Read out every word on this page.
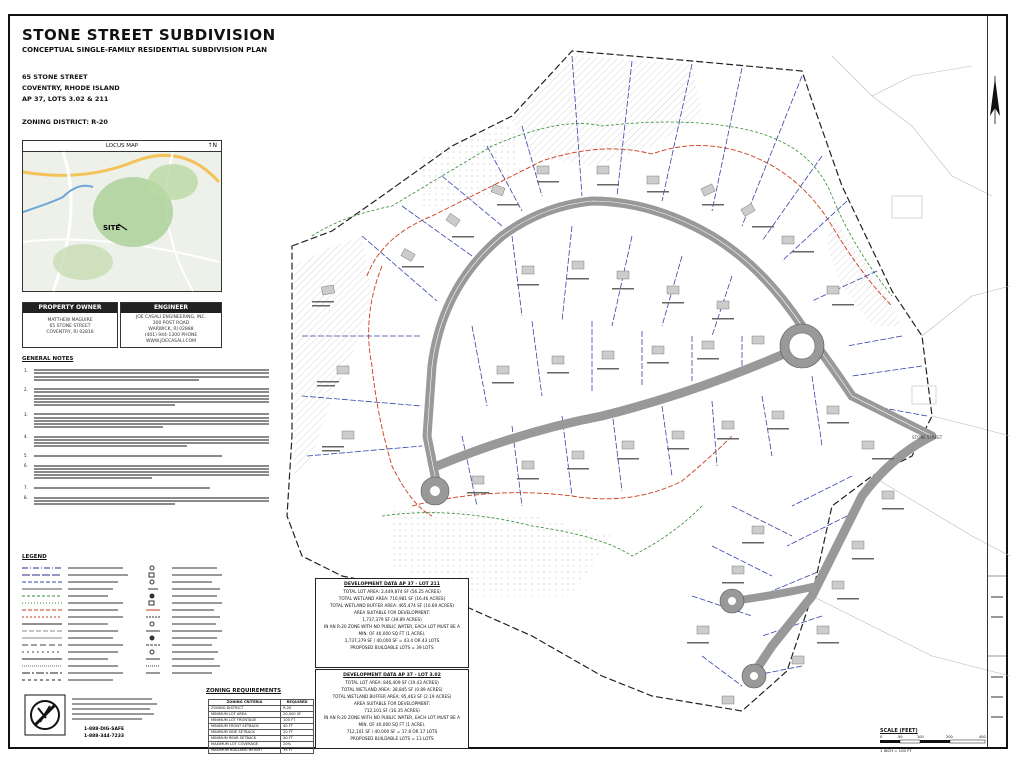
STONE STREET SUBDIVISION
CONCEPTUAL SINGLE-FAMILY RESIDENTIAL SUBDIVISION PLAN
65 STONE STREET
COVENTRY, RHODE ISLAND
AP 37, LOTS 3.02 & 211
ZONING DISTRICT: R-20
LOCUS MAP	↑N
SITE
PROPERTY OWNER
MATTHEW MAGUIRE
65 STONE STREET
COVENTRY, RI 02816
ENGINEER
JOE CASALI ENGINEERING, INC.
300 POST ROAD
WARWICK, RI 02888
(401) 944-1300 PHONE
WWW.JOECASALI.COM
GENERAL NOTES
1.
2.
3.
4.
5.
6.
7.
8.
LEGEND
1-888-DIG-SAFE
1-888-344-7233
ZONING REQUIREMENTS
ZONING CRITERIA	REQUIRED
ZONING DISTRICT	R-20
MINIMUM LOT AREA	20,000 SF
MINIMUM LOT FRONTAGE	100 FT
MINIMUM FRONT SETBACK	40 FT
MINIMUM SIDE SETBACK	20 FT
MINIMUM REAR SETBACK	40 FT
MAXIMUM LOT COVERAGE	20%
MAXIMUM BUILDING HEIGHT	35 FT
STONE STREET
DEVELOPMENT DATA AP 37 - LOT 211
TOTAL LOT AREA: 2,449,874 SF (56.25 ACRES)
TOTAL WETLAND AREA: 716,981 SF (16.46 ACRES)
TOTAL WETLAND BUFFER AREA: 465,474 SF (10.69 ACRES)
AREA SUITABLE FOR DEVELOPMENT:
1,737,379 SF (39.89 ACRES)
IN AN R-20 ZONE WITH NO PUBLIC WATER, EACH LOT MUST BE A
MIN. OF 40,000 SQ FT (1 ACRE).
1,737,379 SF / 40,000 SF = 43.4 OR 43 LOTS
PROPOSED BUILDABLE LOTS = 39 LOTS
DEVELOPMENT DATA AP 37 - LOT 3.02
TOTAL LOT AREA: 846,409 SF (19.43 ACRES)
TOTAL WETLAND AREA: 38,845 SF (0.89 ACRES)
TOTAL WETLAND BUFFER AREA: 95,463 SF (2.19 ACRES)
AREA SUITABLE FOR DEVELOPMENT:
712,101 SF (16.35 ACRES)
IN AN R-20 ZONE WITH NO PUBLIC WATER, EACH LOT MUST BE A
MIN. OF 40,000 SQ FT (1 ACRE).
712,101 SF / 40,000 SF = 17.8 OR 17 LOTS
PROPOSED BUILDABLE LOTS = 13 LOTS
SCALE (FEET)
0	50	100	200	400
1 INCH = 100 FT
